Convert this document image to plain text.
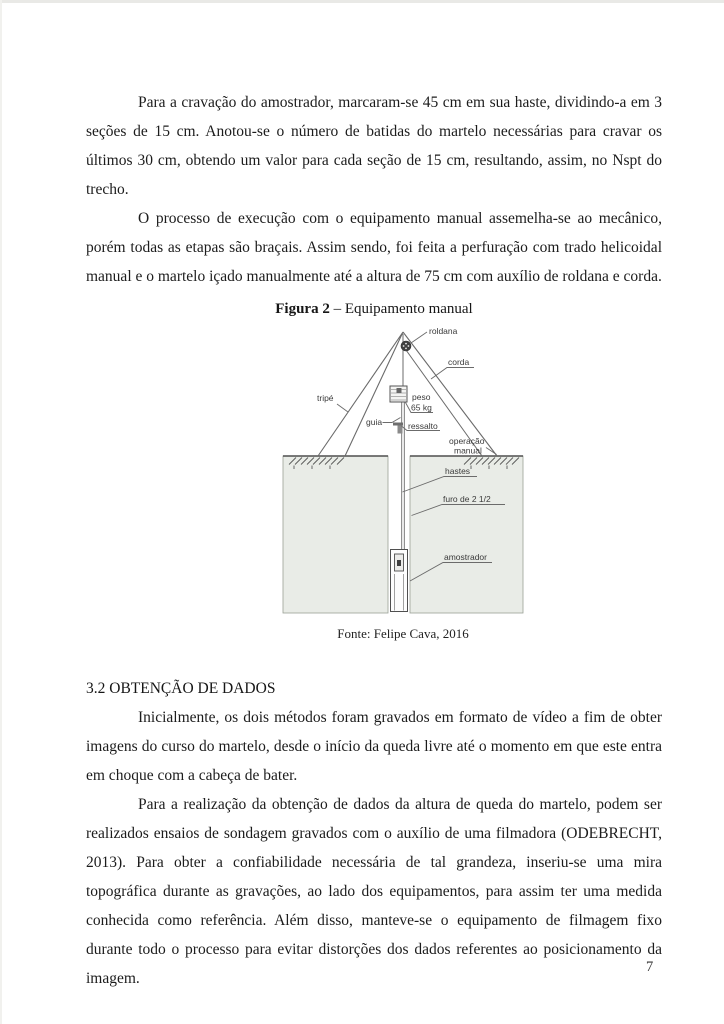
Para a cravação do amostrador, marcaram-se 45 cm em sua haste, dividindo-a em 3 seções de 15 cm. Anotou-se o número de batidas do martelo necessárias para cravar os últimos 30 cm, obtendo um valor para cada seção de 15 cm, resultando, assim, no Nspt do trecho.

O processo de execução com o equipamento manual assemelha-se ao mecânico, porém todas as etapas são braçais. Assim sendo, foi feita a perfuração com trado helicoidal manual e o martelo içado manualmente até a altura de 75 cm com auxílio de roldana e corda.

Figura 2 – Equipamento manual
roldana
corda
tripé	peso
65 kg
guia	ressalto
operação
manual
hastes
furo de 2 1/2
amostrador
Fonte: Felipe Cava, 2016
3.2 OBTENÇÃO DE DADOS

Inicialmente, os dois métodos foram gravados em formato de vídeo a fim de obter imagens do curso do martelo, desde o início da queda livre até o momento em que este entra em choque com a cabeça de bater.

Para a realização da obtenção de dados da altura de queda do martelo, podem ser realizados ensaios de sondagem gravados com o auxílio de uma filmadora (ODEBRECHT, 2013). Para obter a confiabilidade necessária de tal grandeza, inseriu-se uma mira topográfica durante as gravações, ao lado dos equipamentos, para assim ter uma medida conhecida como referência. Além disso, manteve-se o equipamento de filmagem fixo durante todo o processo para evitar distorções dos dados referentes ao posicionamento da imagem.

7
